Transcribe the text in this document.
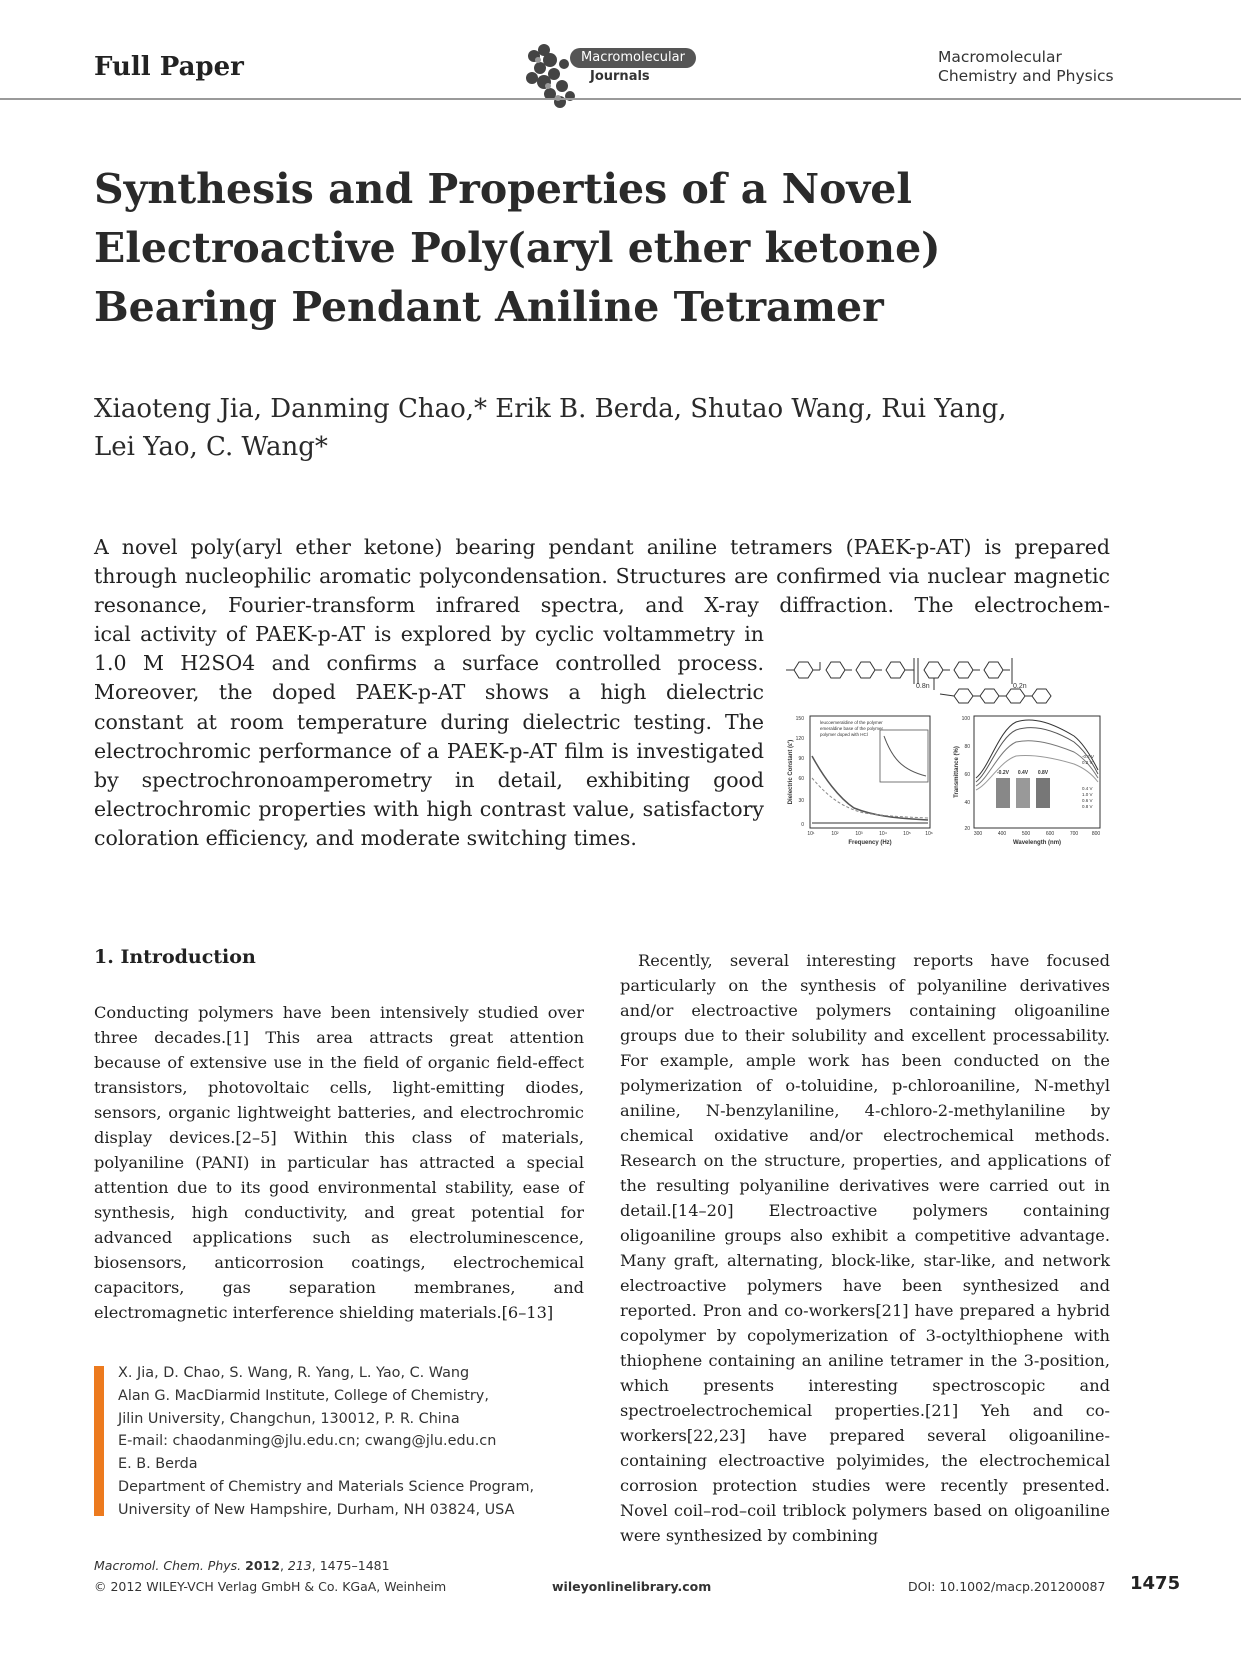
Full Paper	Macromolecular
Journals
Macromolecular
Chemistry and Physics
Synthesis and Properties of a Novel
Electroactive Poly(aryl ether ketone)
Bearing Pendant Aniline Tetramer
Xiaoteng Jia, Danming Chao,* Erik B. Berda, Shutao Wang, Rui Yang,
Lei Yao, C. Wang*
A novel poly(aryl ether ketone) bearing pendant aniline tetramers (PAEK-p-AT) is prepared through nucleophilic aromatic polycondensation. Structures are confirmed via nuclear magnetic resonance, Fourier-transform infrared spectra, and X-ray diffraction. The electrochem-
ical activity of PAEK-p-AT is explored by cyclic voltammetry in 1.0 M H2SO4 and confirms a surface controlled process. Moreover, the doped PAEK-p-AT shows a high dielectric constant at room temperature during dielectric testing. The electrochromic performance of a PAEK-p-AT film is investigated by spectrochronoamperometry in detail, exhibiting good electrochromic properties with high contrast value, satisfactory coloration efficiency, and moderate switching times.
0.8n	0.2n
leucoemeraldine of the polymer
emeraldine base of the polymer
polymer doped with HCl
150
120
90
60
30
0
10¹	10²	10³	10⁴	10⁵	10⁶
Frequency (Hz)
Dielectric Constant (ε')	-0.2V 0.4V 0.8V
-0.2 V
0.2 V
0.4 V
1.0 V
0.6 V
0.8 V
100
80
60
40
20
300	400	500	600	700	800
Wavelength (nm)
Transmittance (%)
1. Introduction
Conducting polymers have been intensively studied over three decades.[1] This area attracts great attention because of extensive use in the field of organic field-effect transistors, photovoltaic cells, light-emitting diodes, sensors, organic lightweight batteries, and electrochromic display devices.[2–5] Within this class of materials, polyaniline (PANI) in particular has attracted a special attention due to its good environmental stability, ease of synthesis, high conductivity, and great potential for advanced applications such as electroluminescence, biosensors, anticorrosion coatings, electrochemical capacitors, gas separation membranes, and electromagnetic interference shielding materials.[6–13]
Recently, several interesting reports have focused particularly on the synthesis of polyaniline derivatives and/or electroactive polymers containing oligoaniline groups due to their solubility and excellent processability. For example, ample work has been conducted on the polymerization of o-toluidine, p-chloroaniline, N-methyl aniline, N-benzylaniline, 4-chloro-2-methylaniline by chemical oxidative and/or electrochemical methods. Research on the structure, properties, and applications of the resulting polyaniline derivatives were carried out in detail.[14–20] Electroactive polymers containing oligoaniline groups also exhibit a competitive advantage. Many graft, alternating, block-like, star-like, and network electroactive polymers have been synthesized and reported. Pron and co-workers[21] have prepared a hybrid copolymer by copolymerization of 3-octylthiophene with thiophene containing an aniline tetramer in the 3-position, which presents interesting spectroscopic and spectroelectrochemical properties.[21] Yeh and co-workers[22,23] have prepared several oligoaniline-containing electroactive polyimides, the electrochemical corrosion protection studies were recently presented. Novel coil–rod–coil triblock polymers based on oligoaniline were synthesized by combining
X. Jia, D. Chao, S. Wang, R. Yang, L. Yao, C. Wang
Alan G. MacDiarmid Institute, College of Chemistry,
Jilin University, Changchun, 130012, P. R. China
E-mail: chaodanming@jlu.edu.cn; cwang@jlu.edu.cn
E. B. Berda
Department of Chemistry and Materials Science Program,
University of New Hampshire, Durham, NH 03824, USA
Macromol. Chem. Phys. 2012, 213, 1475–1481
© 2012 WILEY-VCH Verlag GmbH & Co. KGaA, Weinheim	wileyonlinelibrary.com	DOI: 10.1002/macp.201200087 1475
